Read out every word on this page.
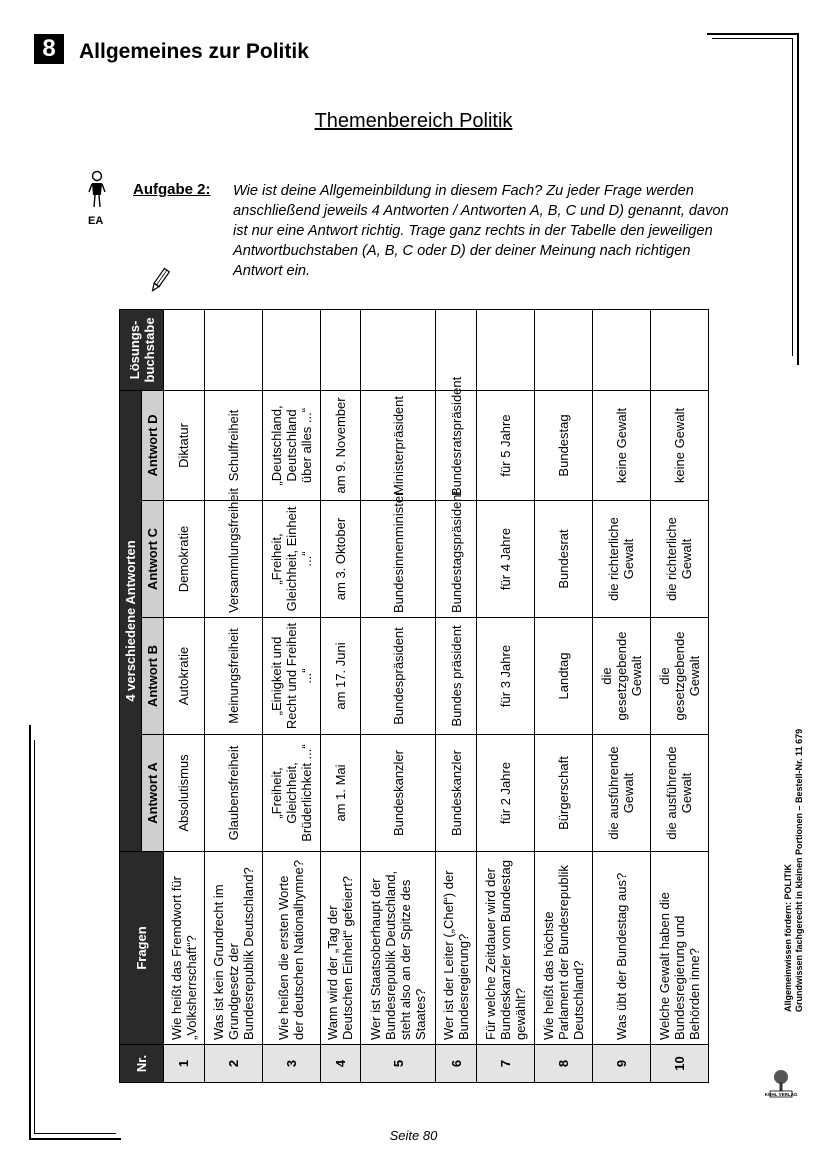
8	Allgemeines zur Politik
Themenbereich Politik
EA
Aufgabe 2: Wie ist deine Allgemeinbildung in diesem Fach? Zu jeder Frage werden anschließend jeweils 4 Antworten / Antworten A, B, C und D) genannt, davon ist nur eine Antwort richtig. Trage ganz rechts in der Tabelle den jeweiligen Antwortbuchstaben (A, B, C oder D) der deiner Meinung nach richtigen Antwort ein.
Nr.	Fragen	4 verschiedene Antworten				Lösungs-buchstabe
		Antwort A	Antwort B	Antwort C	Antwort D	
1	Wie heißt das Fremdwort für „Volksherrschaft“?	Absolutismus	Autokratie	Demokratie	Diktatur	
2	Was ist kein Grundrecht im Grundgesetz der Bundesrepublik Deutschland?	Glaubensfreiheit	Meinungsfreiheit	Versammlungsfreiheit	Schulfreiheit	
3	Wie heißen die ersten Worte der deutschen Nationalhymne?	„Freiheit, Gleichheit, Brüderlichkeit ...“	„Einigkeit und Recht und Freiheit ...“	„Freiheit, Gleichheit, Einheit ...“	„Deutschland, Deutschland über alles ...“	
4	Wann wird der „Tag der Deutschen Einheit“ gefeiert?	am 1. Mai	am 17. Juni	am 3. Oktober	am 9. November	
5	Wer ist Staatsoberhaupt der Bundesrepublik Deutschland, steht also an der Spitze des Staates?	Bundeskanzler	Bundespräsident	Bundesinnenminister	Ministerpräsident	
6	Wer ist der Leiter („Chef“) der Bundesregierung?	Bundeskanzler	Bundes präsident	Bundestagspräsident	Bundesratspräsident	
7	Für welche Zeitdauer wird der Bundeskanzler vom Bundestag gewählt?	für 2 Jahre	für 3 Jahre	für 4 Jahre	für 5 Jahre	
8	Wie heißt das höchste Parlament der Bundesrepublik Deutschland?	Bürgerschaft	Landtag	Bundesrat	Bundestag	
9	Was übt der Bundestag aus?	die ausführende Gewalt	die gesetzgebende Gewalt	die richterliche Gewalt	keine Gewalt	
10	Welche Gewalt haben die Bundesregierung und Behörden inne?	die ausführende Gewalt	die gesetzgebende Gewalt	die richterliche Gewalt	keine Gewalt	
Allgemeinwissen fördern: POLITIK Grundwissen fachgerecht in kleinen Portionen – Bestell-Nr. 11 679
KOHL VERLAG
Seite 80
